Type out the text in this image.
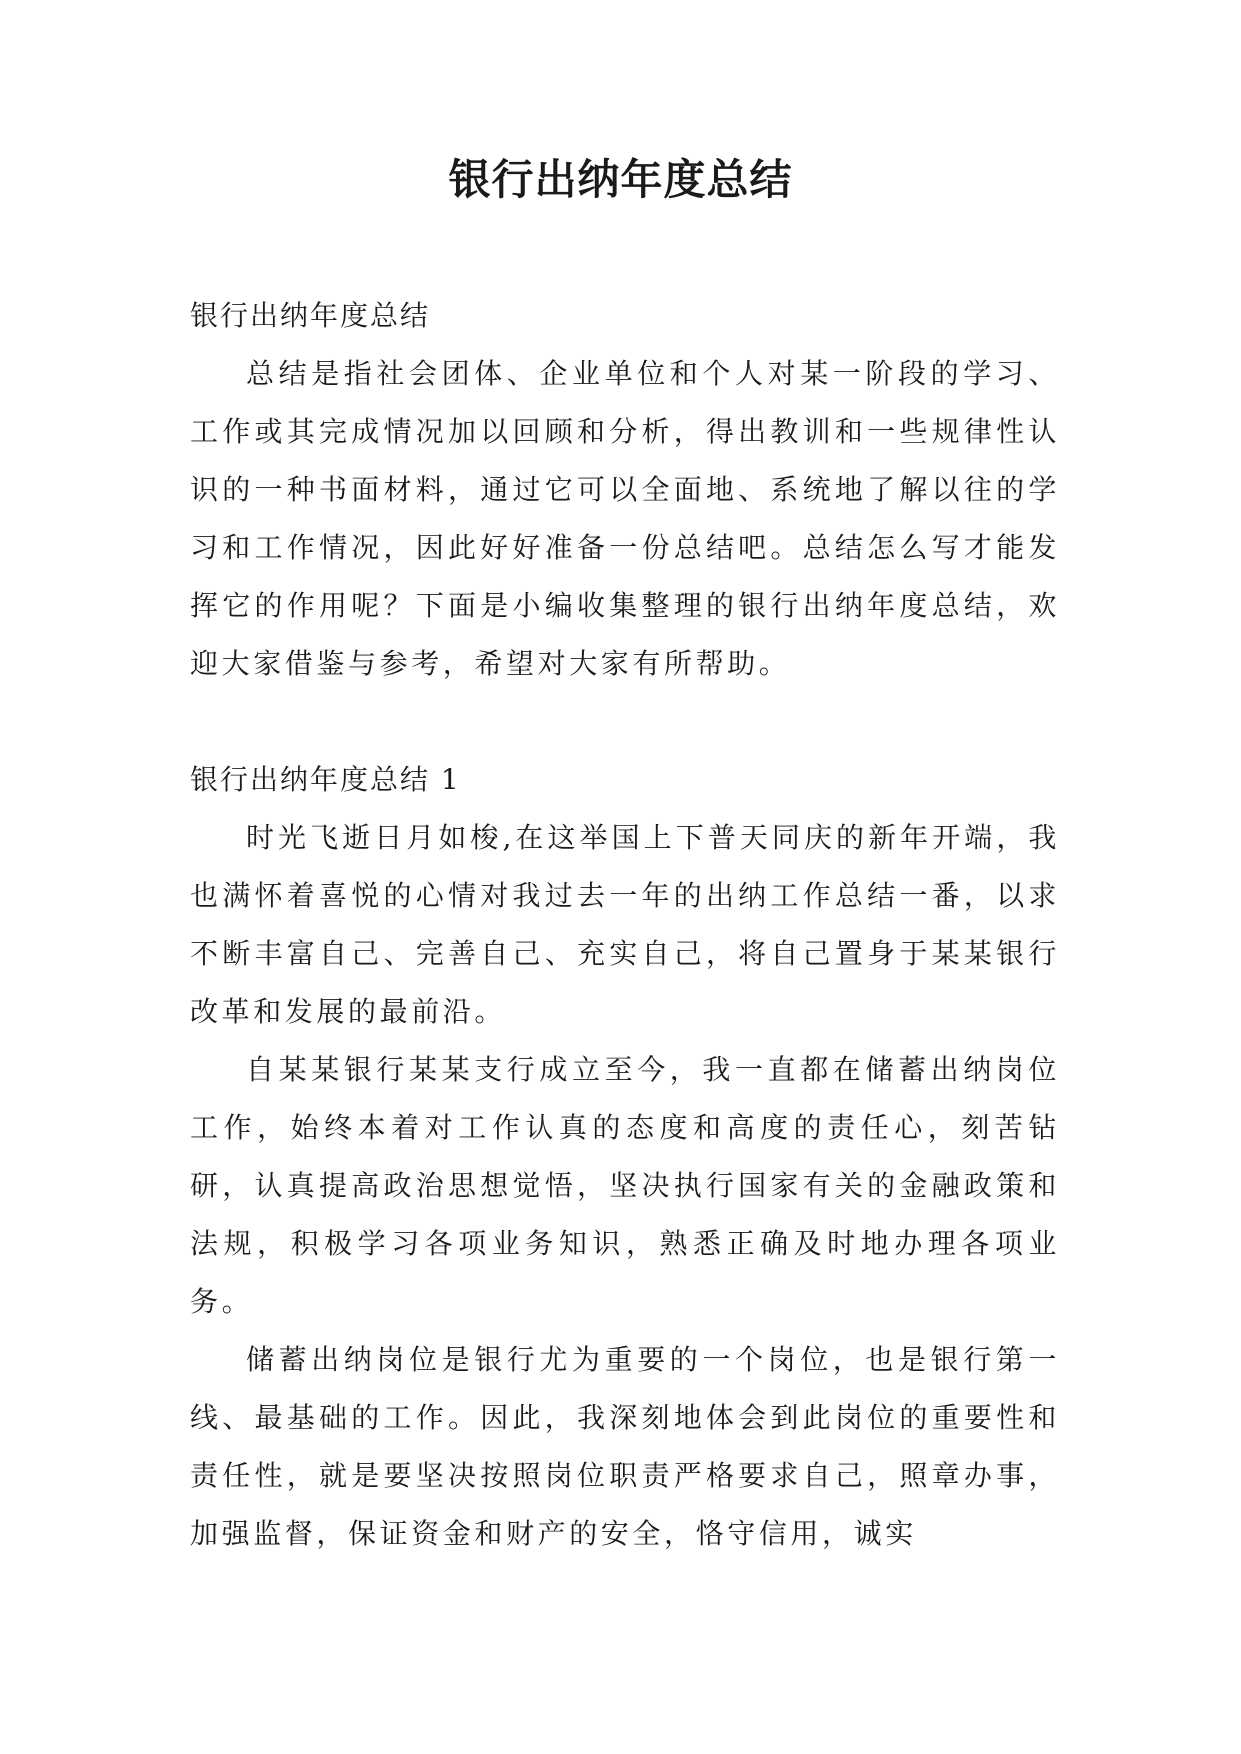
银行出纳年度总结

银行出纳年度总结

总结是指社会团体、企业单位和个人对某一阶段的学习、工作或其完成情况加以回顾和分析，得出教训和一些规律性认识的一种书面材料，通过它可以全面地、系统地了解以往的学习和工作情况，因此好好准备一份总结吧。总结怎么写才能发挥它的作用呢？下面是小编收集整理的银行出纳年度总结，欢迎大家借鉴与参考，希望对大家有所帮助。

银行出纳年度总结 1

时光飞逝日月如梭,在这举国上下普天同庆的新年开端，我也满怀着喜悦的心情对我过去一年的出纳工作总结一番，以求不断丰富自己、完善自己、充实自己，将自己置身于某某银行改革和发展的最前沿。

自某某银行某某支行成立至今，我一直都在储蓄出纳岗位工作，始终本着对工作认真的态度和高度的责任心，刻苦钻研，认真提高政治思想觉悟，坚决执行国家有关的金融政策和法规，积极学习各项业务知识，熟悉正确及时地办理各项业务。

储蓄出纳岗位是银行尤为重要的一个岗位，也是银行第一线、最基础的工作。因此，我深刻地体会到此岗位的重要性和责任性，就是要坚决按照岗位职责严格要求自己，照章办事，加强监督，保证资金和财产的安全，恪守信用，诚实
